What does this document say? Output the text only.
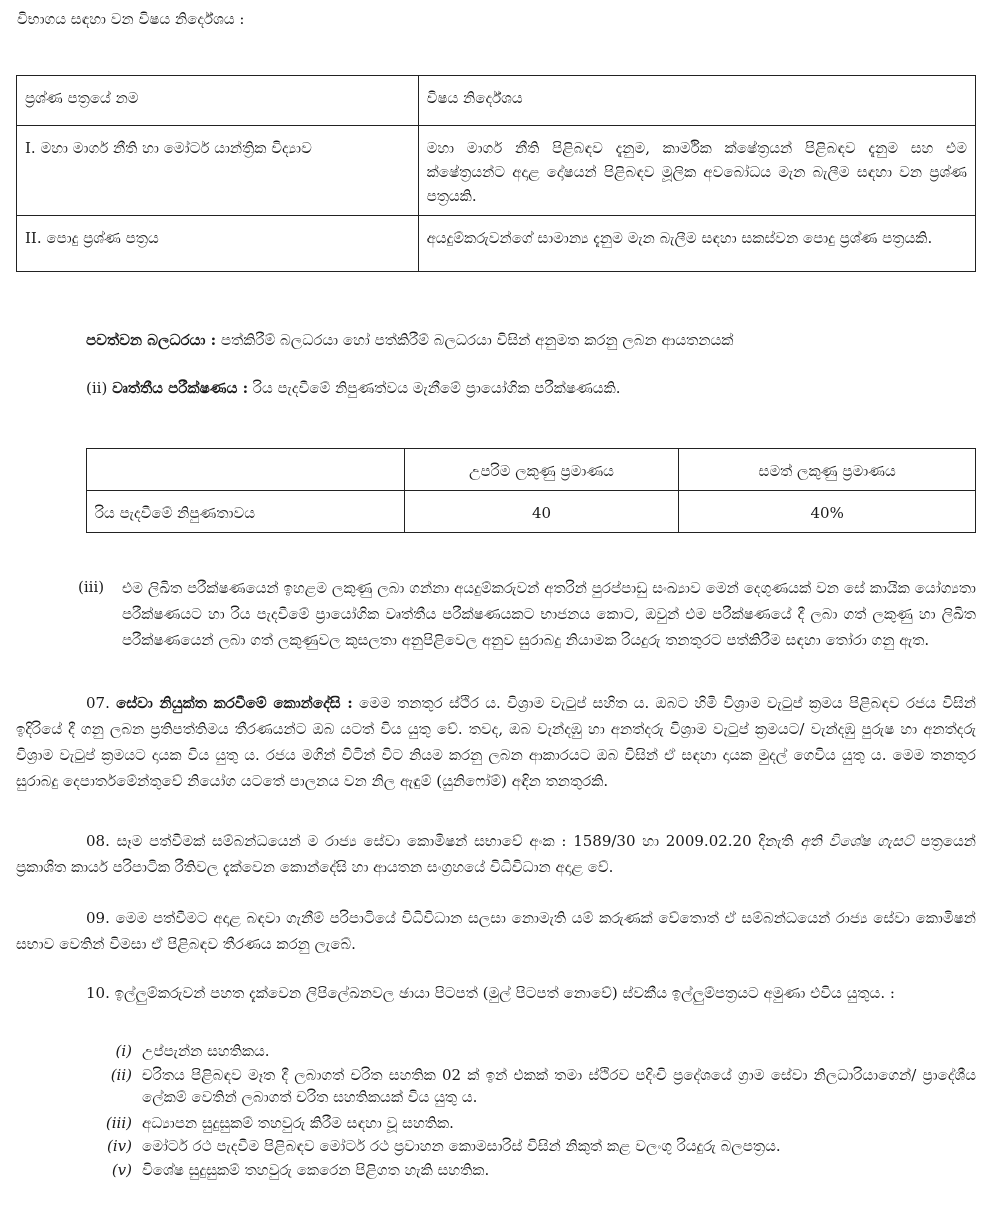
විභාගය සඳහා වන විෂය නිර්දේශය :
ප්‍රශ්ණ පත්‍රයේ නම	විෂය නිර්දේශය

I. මහා මාර්ග නීති හා මෝටර් යාන්ත්‍රික විද්‍යාව	මහා මාර්ග නීති පිළිබඳව දැනුම, කාර්මික ක්ෂේත්‍රයන් පිළිබඳව දැනුම සහ එම ක්ෂේත්‍රයන්ට අදාළ දෝෂයන් පිළිබඳව මූලික අවබෝධය මැන බැලීම සඳහා වන ප්‍රශ්ණ පත්‍රයකි.

II. පොදු ප්‍රශ්ණ පත්‍රය	අයදුම්කරුවන්ගේ සාමාන්‍ය දැනුම මැන බැලීම සඳහා සකස්වන පොදු ප්‍රශ්ණ පත්‍රයකි.
පවත්වන බලධරයා : පත්කිරීම් බලධරයා හෝ පත්කිරීම් බලධරයා විසින් අනුමත කරනු ලබන ආයතනයක්
(ii) වෘත්තීය පරීක්ෂණය : රිය පැදවීමේ නිපුණත්වය මැනීමේ ප්‍රායෝගික පරීක්ෂණයකි.

	උපරිම ලකුණු ප්‍රමාණය	සමත් ලකුණු ප්‍රමාණය

රිය පැදවීමේ නිපුණතාවය	40	40%
(iii) එම ලිඛිත පරීක්ෂණයෙන් ඉහළම ලකුණු ලබා ගන්නා අයදුම්කරුවන් අතරින් පුරප්පාඩු සංඛ්‍යාව මෙන් දෙගුණයක් වන සේ කායික යෝග්‍යතා පරීක්ෂණයට හා රිය පැදවීමේ ප්‍රායෝගික වෘත්තීය පරීක්ෂණයකට භාජනය කොට, ඔවුන් එම පරීක්ෂණයේ දී ලබා ගත් ලකුණු හා ලිඛිත පරීක්ෂණයෙන් ලබා ගත් ලකුණුවල කුසලතා අනුපිළිවෙල අනුව සුරාබදු නියාමක රියදුරු තනතුරට පත්කිරීම සඳහා තෝරා ගනු ඇත.
07. සේවා නියුක්ත කරවීමේ කොන්දේසි : මෙම තනතුර ස්ථිර ය. විශ්‍රාම වැටුප් සහිත ය. ඔබට හිමි විශ්‍රාම වැටුප් ක්‍රමය පිළිබඳව රජය විසින් ඉදිරියේ දී ගනු ලබන ප්‍රතිපත්තිමය තීරණයන්ට ඔබ යටත් විය යුතු වේ. තවද, ඔබ වැන්දඹු හා අනත්දරු විශ්‍රාම වැටුප් ක්‍රමයට/ වැන්දඹු පුරුෂ හා අනත්දරු විශ්‍රාම වැටුප් ක්‍රමයට දායක විය යුතු ය. රජය මගින් විටින් විට නියම කරනු ලබන ආකාරයට ඔබ විසින් ඒ සඳහා දායක මුදල් ගෙවිය යුතු ය. මෙම තනතුර සුරාබදු දෙපාර්තමේන්තුවේ නියෝග යටතේ පාලනය වන නිල ඇඳුම් (යුනිෆෝම්) අඳින තනතුරකි.
08. සෑම පත්වීමක් සම්බන්ධයෙන් ම රාජ්‍ය සේවා කොමිෂන් සභාවේ අංක : 1589/30 හා 2009.02.20 දිනැති අති විශේෂ ගැසට් පත්‍රයෙන් ප්‍රකාශිත කාර්ය පරිපාටික රීතිවල දැක්වෙන කොන්දේසි හා ආයතන සංග්‍රහයේ විධිවිධාන අදාළ වේ.
09. මෙම පත්වීමට අදාළ බඳවා ගැනීම් පරිපාටියේ විධිවිධාන සලසා නොමැති යම් කරුණක් වේතොත් ඒ සම්බන්ධයෙන් රාජ්‍ය සේවා කොමිෂන් සභාව වෙතින් විමසා ඒ පිළිබඳව තීරණය කරනු ලැබේ.
10. ඉල්ලුම්කරුවන් පහත දැක්වෙන ලිපිලේඛනවල ඡායා පිටපත් (මුල් පිටපත් නොවේ) ස්වකීය ඉල්ලුම්පත්‍රයට අමුණා එවිය යුතුය. :
(i) උප්පැන්න සහතිකය.
(ii) චරිතය පිළිබඳව මෑත දී ලබාගත් චරිත සහතික 02 ක් ඉන් එකක් තමා ස්ථිරව පදිංචි ප්‍රදේශයේ ග්‍රාම සේවා නිලධාරියාගෙන්/ ප්‍රාදේශීය ලේකම් වෙතින් ලබාගත් චරිත සහතිකයක් විය යුතු ය.
(iii) අධ්‍යාපන සුදුසුකම් තහවුරු කිරීම සඳහා වූ සහතික.
(iv) මෝටර් රථ පැදවීම පිළිබඳව මෝටර් රථ ප්‍රවාහන කොමසාරිස් විසින් නිකුත් කළ වලංගු රියදුරු බලපත්‍රය.
(v) විශේෂ සුදුසුකම් තහවුරු කෙරෙන පිළිගත හැකි සහතික.
